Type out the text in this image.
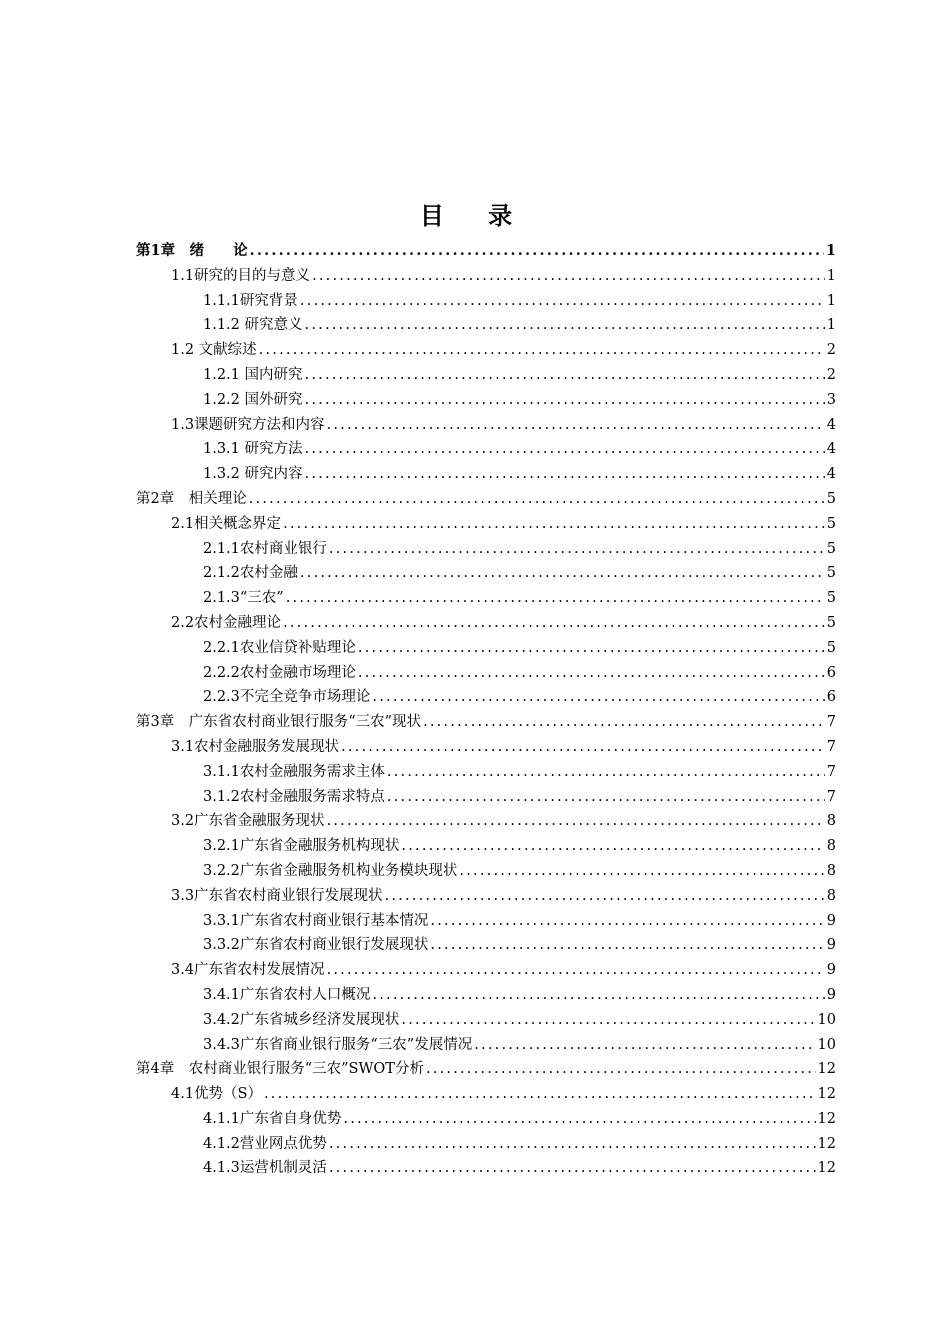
目 录
第1章　绪　　论 .....	1
1.1研究的目的与意义 .....	1
1.1.1研究背景 .....	1
1.1.2 研究意义 .....	1
1.2 文献综述 .....	2
1.2.1 国内研究 .....	2
1.2.2 国外研究 .....	3
1.3课题研究方法和内容 .....	4
1.3.1 研究方法 .....	4
1.3.2 研究内容 .....	4
第2章　相关理论 .....	5
2.1相关概念界定 .....	5
2.1.1农村商业银行 .....	5
2.1.2农村金融 .....	5
2.1.3“三农” .....	5
2.2农村金融理论 .....	5
2.2.1农业信贷补贴理论 .....	5
2.2.2农村金融市场理论 .....	6
2.2.3不完全竞争市场理论 .....	6
第3章　广东省农村商业银行服务“三农”现状 .....	7
3.1农村金融服务发展现状 .....	7
3.1.1农村金融服务需求主体 .....	7
3.1.2农村金融服务需求特点 .....	7
3.2广东省金融服务现状 .....	8
3.2.1广东省金融服务机构现状 .....	8
3.2.2广东省金融服务机构业务模块现状 .....	8
3.3广东省农村商业银行发展现状 .....	8
3.3.1广东省农村商业银行基本情况 .....	9
3.3.2广东省农村商业银行发展现状 .....	9
3.4广东省农村发展情况 .....	9
3.4.1广东省农村人口概况 .....	9
3.4.2广东省城乡经济发展现状 .....	10
3.4.3广东省商业银行服务“三农”发展情况 .....	10
第4章　农村商业银行服务“三农”SWOT分析 .....	12
4.1优势（S） .....	12
4.1.1广东省自身优势 .....	12
4.1.2营业网点优势 .....	12
4.1.3运营机制灵活 .....	12
